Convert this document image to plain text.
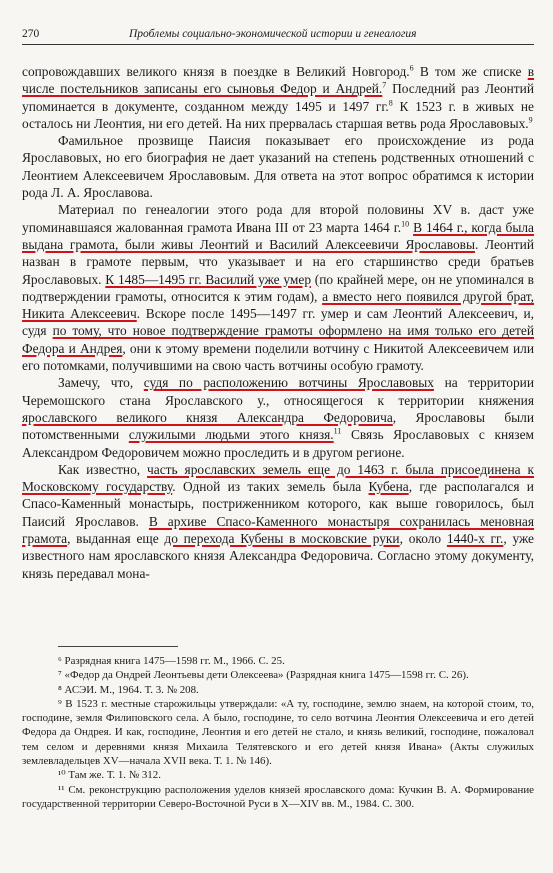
270	Проблемы социально-экономической истории и генеалогия

сопровождавших великого князя в поездке в Великий Новгород.$^6$ В том же списке в числе постельников записаны его сыновья Федор и Андрей.$^7$ Последний раз Леонтий упоминается в документе, созданном между 1495 и 1497 гг.$^8$ К 1523 г. в живых не осталось ни Леонтия, ни его детей. На них прервалась старшая ветвь рода Ярославовых.$^9$

Фамильное прозвище Паисия показывает его происхождение из рода Ярославовых, но его биография не дает указаний на степень родственных отношений с Леонтием Алексеевичем Ярославовым. Для ответа на этот вопрос обратимся к истории рода Л. А. Ярославова.

Материал по генеалогии этого рода для второй половины XV в. даст уже упоминавшаяся жалованная грамота Ивана III от 23 марта 1464 г.$^{10}$ В 1464 г., когда была выдана грамота, были живы Леонтий и Василий Алексеевичи Ярославовы. Леонтий назван в грамоте первым, что указывает и на его старшинство среди братьев Ярославовых. К 1485—1495 гг. Василий уже умер (по крайней мере, он не упоминался в подтверждении грамоты, относится к этим годам), а вместо него появился другой брат, Никита Алексеевич. Вскоре после 1495—1497 гг. умер и сам Леонтий Алексеевич, и, судя по тому, что новое подтверждение грамоты оформлено на имя только его детей Федора и Андрея, они к этому времени поделили вотчину с Никитой Алексеевичем или его потомками, получившими на свою часть вотчины особую грамоту.

Замечу, что, судя по расположению вотчины Ярославовых на территории Черемошского стана Ярославского у., относящегося к территории княжения ярославского великого князя Александра Федоровича, Ярославовы были потомственными служилыми людьми этого князя.$^{11}$ Связь Ярославовых с князем Александром Федоровичем можно проследить и в другом регионе.

Как известно, часть ярославских земель еще до 1463 г. была присоединена к Московскому государству. Одной из таких земель была Кубена, где располагался и Спасо-Каменный монастырь, постриженником которого, как выше говорилось, был Паисий Ярославов. В архиве Спасо-Каменного монастыря сохранилась меновная грамота, выданная еще до перехода Кубены в московские руки, около 1440-х гг., уже известного нам ярославского князя Александра Федоровича. Согласно этому документу, князь передавал мона-

⁶ Разрядная книга 1475—1598 гг. М., 1966. С. 25.

⁷ «Федор да Ондрей Леонтьевы дети Олексеева» (Разрядная книга 1475—1598 гг. С. 26).

⁸ АСЭИ. М., 1964. Т. 3. № 208.

⁹ В 1523 г. местные старожильцы утверждали: «А ту, господине, землю знаем, на которой стоим, то, господине, земля Филиповского села. А было, господине, то село вотчина Леонтия Олексеевича и его детей Федора да Ондрея. И как, господине, Леонтия и его детей не стало, и князь великий, господине, пожаловал тем селом и деревнями князя Михаила Телятевского и его детей князя Ивана» (Акты служилых землевладельцев XV—начала XVII века. Т. 1. № 146).

¹⁰ Там же. Т. 1. № 312.

¹¹ См. реконструкцию расположения уделов князей ярославского дома: Кучкин В. А. Формирование государственной территории Северо-Восточной Руси в X—XIV вв. М., 1984. С. 300.
